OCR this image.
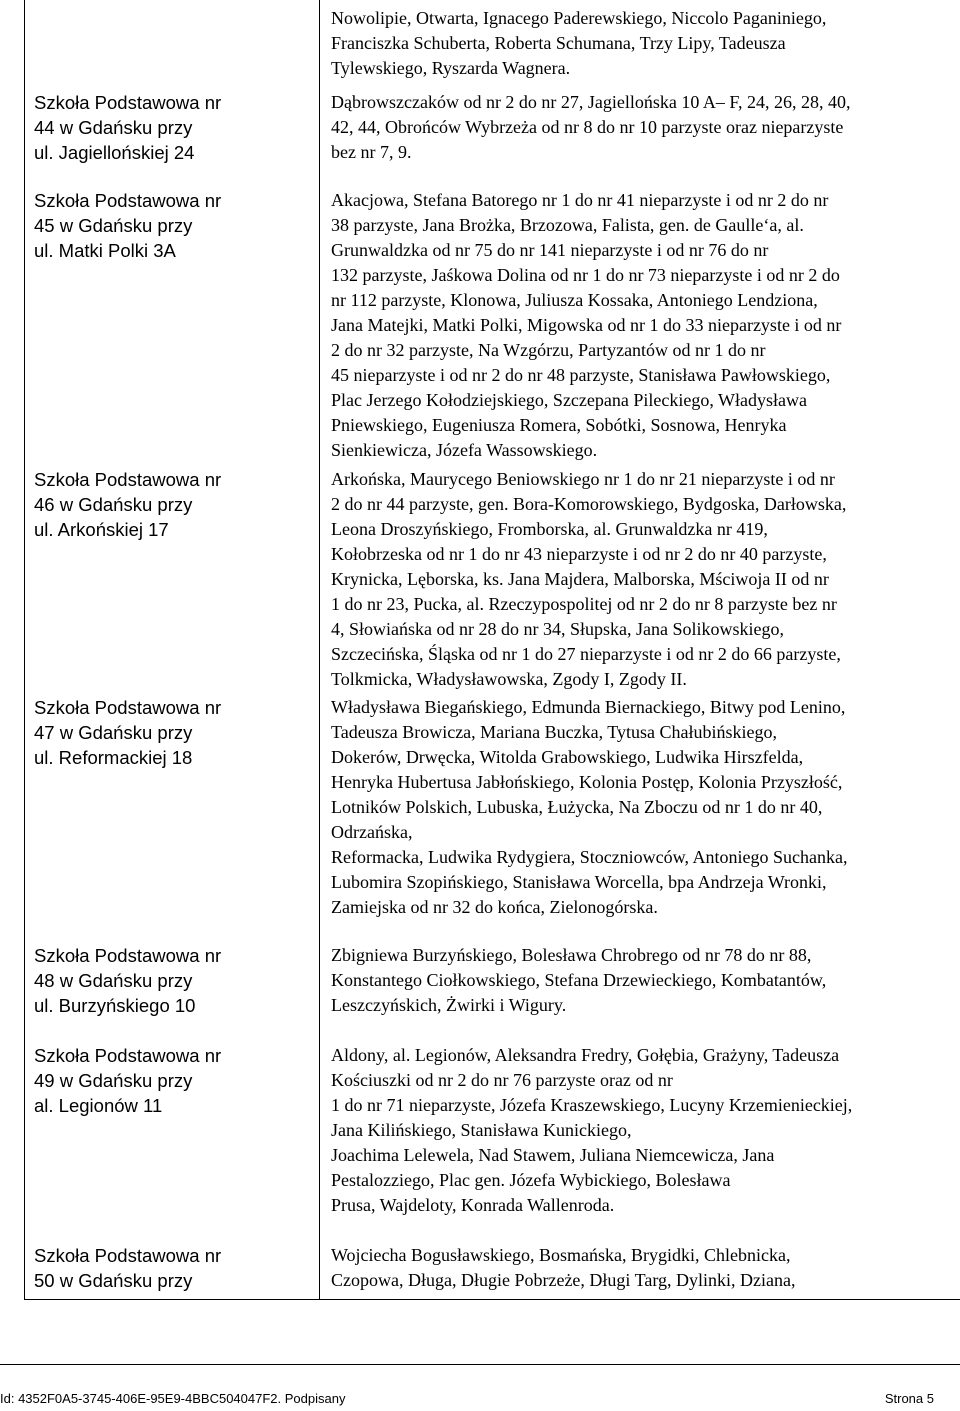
Nowolipie, Otwarta, Ignacego Paderewskiego, Niccolo Paganiniego,
Franciszka Schuberta, Roberta Schumana, Trzy Lipy, Tadeusza
Tylewskiego, Ryszarda Wagnera.
Szkoła Podstawowa nr
44 w Gdańsku przy
ul. Jagiellońskiej 24
Dąbrowszczaków od nr 2 do nr 27, Jagiellońska 10 A– F, 24, 26, 28, 40,
42, 44, Obrońców Wybrzeża od nr 8 do nr 10 parzyste oraz nieparzyste
bez nr 7, 9.
Szkoła Podstawowa nr
45 w Gdańsku przy
ul. Matki Polki 3A
Akacjowa, Stefana Batorego nr 1 do nr 41 nieparzyste i od nr 2 do nr
38 parzyste, Jana Brożka, Brzozowa, Falista, gen. de Gaulle‘a, al.
Grunwaldzka od nr 75 do nr 141 nieparzyste i od nr 76 do nr
132 parzyste, Jaśkowa Dolina od nr 1 do nr 73 nieparzyste i od nr 2 do
nr 112 parzyste, Klonowa, Juliusza Kossaka, Antoniego Lendziona,
Jana Matejki, Matki Polki, Migowska od nr 1 do 33 nieparzyste i od nr
2 do nr 32 parzyste, Na Wzgórzu, Partyzantów od nr 1 do nr
45 nieparzyste i od nr 2 do nr 48 parzyste, Stanisława Pawłowskiego,
Plac Jerzego Kołodziejskiego, Szczepana Pileckiego, Władysława
Pniewskiego, Eugeniusza Romera, Sobótki, Sosnowa, Henryka
Sienkiewicza, Józefa Wassowskiego.
Szkoła Podstawowa nr
46 w Gdańsku przy
ul. Arkońskiej 17
Arkońska, Maurycego Beniowskiego nr 1 do nr 21 nieparzyste i od nr
2 do nr 44 parzyste, gen. Bora-Komorowskiego, Bydgoska, Darłowska,
Leona Droszyńskiego, Fromborska, al. Grunwaldzka nr 419,
Kołobrzeska od nr 1 do nr 43 nieparzyste i od nr 2 do nr 40 parzyste,
Krynicka, Lęborska, ks. Jana Majdera, Malborska, Mściwoja II od nr
1 do nr 23, Pucka, al. Rzeczypospolitej od nr 2 do nr 8 parzyste bez nr
4, Słowiańska od nr 28 do nr 34, Słupska, Jana Solikowskiego,
Szczecińska, Śląska od nr 1 do 27 nieparzyste i od nr 2 do 66 parzyste,
Tolkmicka, Władysławowska, Zgody I, Zgody II.
Szkoła Podstawowa nr
47 w Gdańsku przy
ul. Reformackiej 18
Władysława Biegańskiego, Edmunda Biernackiego, Bitwy pod Lenino,
Tadeusza Browicza, Mariana Buczka, Tytusa Chałubińskiego,
Dokerów, Drwęcka, Witolda Grabowskiego, Ludwika Hirszfelda,
Henryka Hubertusa Jabłońskiego, Kolonia Postęp, Kolonia Przyszłość,
Lotników Polskich, Lubuska, Łużycka, Na Zboczu od nr 1 do nr 40,
Odrzańska,
Reformacka, Ludwika Rydygiera, Stoczniowców, Antoniego Suchanka,
Lubomira Szopińskiego, Stanisława Worcella, bpa Andrzeja Wronki,
Zamiejska od nr 32 do końca, Zielonogórska.
Szkoła Podstawowa nr
48 w Gdańsku przy
ul. Burzyńskiego 10
Zbigniewa Burzyńskiego, Bolesława Chrobrego od nr 78 do nr 88,
Konstantego Ciołkowskiego, Stefana Drzewieckiego, Kombatantów,
Leszczyńskich, Żwirki i Wigury.
Szkoła Podstawowa nr
49 w Gdańsku przy
al. Legionów 11
Aldony, al. Legionów, Aleksandra Fredry, Gołębia, Grażyny, Tadeusza
Kościuszki od nr 2 do nr 76 parzyste oraz od nr
1 do nr 71 nieparzyste, Józefa Kraszewskiego, Lucyny Krzemienieckiej,
Jana Kilińskiego, Stanisława Kunickiego,
Joachima Lelewela, Nad Stawem, Juliana Niemcewicza, Jana
Pestalozziego, Plac gen. Józefa Wybickiego, Bolesława
Prusa, Wajdeloty, Konrada Wallenroda.
Szkoła Podstawowa nr
50 w Gdańsku przy
Wojciecha Bogusławskiego, Bosmańska, Brygidki, Chlebnicka,
Czopowa, Długa, Długie Pobrzeże, Długi Targ, Dylinki, Dziana,
Id: 4352F0A5-3745-406E-95E9-4BBC504047F2. Podpisany	Strona 5
